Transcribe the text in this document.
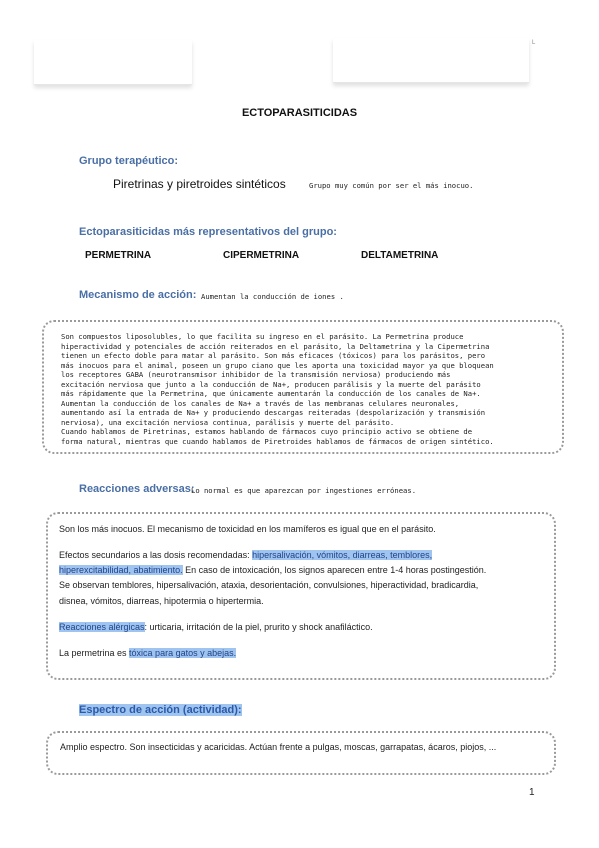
L
ECTOPARASITICIDAS
Grupo terapéutico:
Piretrinas y piretroides sintéticos	Grupo muy común por ser el más inocuo.
Ectoparasiticidas más representativos del grupo:
PERMETRINA	CIPERMETRINA	DELTAMETRINA
Mecanismo de acción: Aumentan la conducción de iones .
Son compuestos liposolubles, lo que facilita su ingreso en el parásito. La Permetrina produce
hiperactividad y potenciales de acción reiterados en el parásito, la Deltametrina y la Cipermetrina
tienen un efecto doble para matar al parásito. Son más eficaces (tóxicos) para los parásitos, pero
más inocuos para el animal, poseen un grupo ciano que les aporta una toxicidad mayor ya que bloquean
los receptores GABA (neurotransmisor inhibidor de la transmisión nerviosa) produciendo más
excitación nerviosa que junto a la conducción de Na+, producen parálisis y la muerte del parásito
más rápidamente que la Permetrina, que únicamente aumentarán la conducción de los canales de Na+.
Aumentan la conducción de los canales de Na+ a través de las membranas celulares neuronales,
aumentando así la entrada de Na+ y produciendo descargas reiteradas (despolarización y transmisión
nerviosa), una excitación nerviosa continua, parálisis y muerte del parásito.
Cuando hablamos de Piretrinas, estamos hablando de fármacos cuyo principio activo se obtiene de
forma natural, mientras que cuando hablamos de Piretroides hablamos de fármacos de origen sintético.
Reacciones adversas:
Lo normal es que aparezcan por ingestiones erróneas.
Son los más inocuos. El mecanismo de toxicidad en los mamíferos es igual que en el parásito.
Efectos secundarios a las dosis recomendadas: hipersalivación, vómitos, diarreas, temblores,
hiperexcitabilidad, abatimiento. En caso de intoxicación, los signos aparecen entre 1-4 horas postingestión.
Se observan temblores, hipersalivación, ataxia, desorientación, convulsiones, hiperactividad, bradicardia,
disnea, vómitos, diarreas, hipotermia o hipertermia.
Reacciones alérgicas: urticaria, irritación de la piel, prurito y shock anafiláctico.
La permetrina es tóxica para gatos y abejas.
Espectro de acción (actividad):
Amplio espectro. Son insecticidas y acaricidas. Actúan frente a pulgas, moscas, garrapatas, ácaros, piojos, ...
1
